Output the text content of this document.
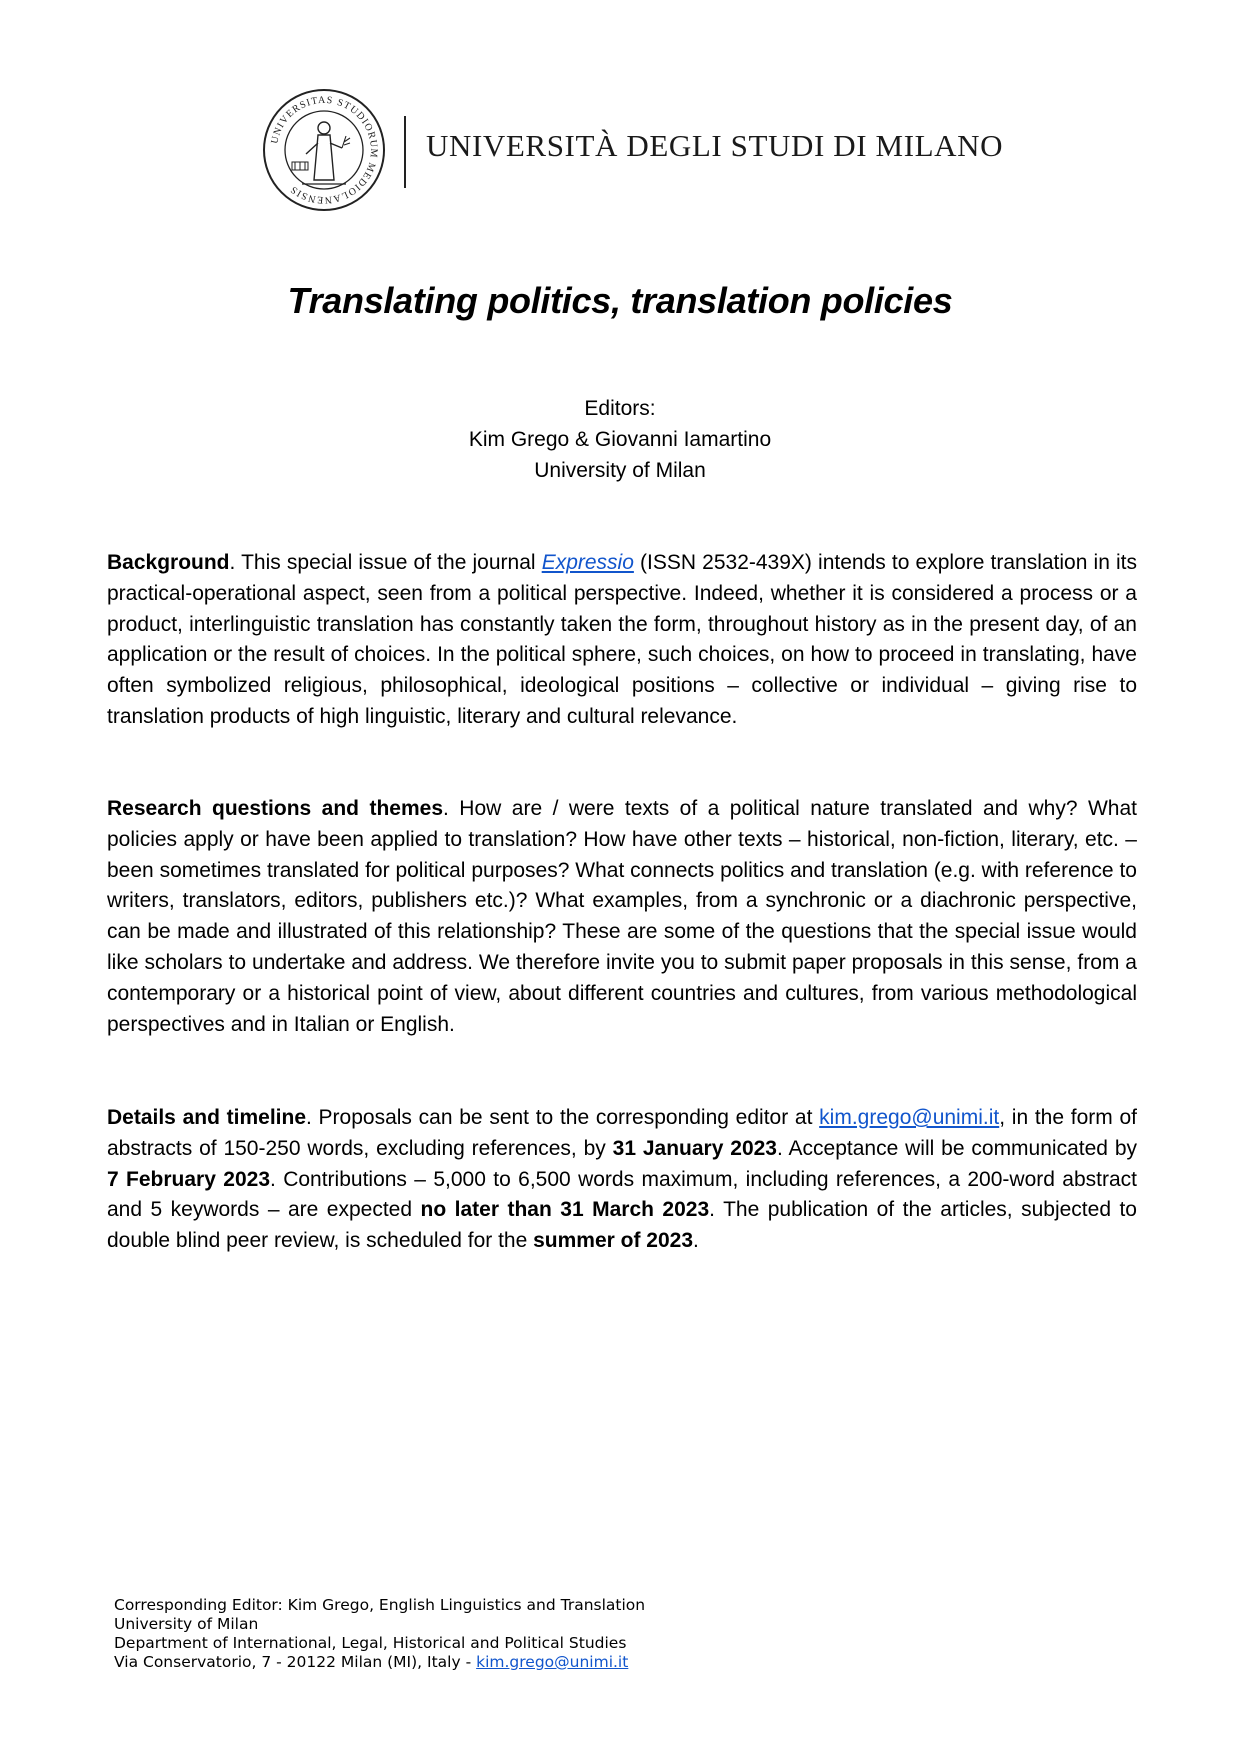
UNIVERSITAS STUDIORUM MEDIOLANENSIS
UNIVERSITÀ DEGLI STUDI DI MILANO
Translating politics, translation policies
Editors:
Kim Grego & Giovanni Iamartino
University of Milan
Background. This special issue of the journal Expressio (ISSN 2532-439X) intends to explore translation in its practical-operational aspect, seen from a political perspective. Indeed, whether it is considered a process or a product, interlinguistic translation has constantly taken the form, throughout history as in the present day, of an application or the result of choices. In the political sphere, such choices, on how to proceed in translating, have often symbolized religious, philosophical, ideological positions – collective or individual – giving rise to translation products of high linguistic, literary and cultural relevance.
Research questions and themes. How are / were texts of a political nature translated and why? What policies apply or have been applied to translation? How have other texts – historical, non-fiction, literary, etc. – been sometimes translated for political purposes? What connects politics and translation (e.g. with reference to writers, translators, editors, publishers etc.)? What examples, from a synchronic or a diachronic perspective, can be made and illustrated of this relationship? These are some of the questions that the special issue would like scholars to undertake and address. We therefore invite you to submit paper proposals in this sense, from a contemporary or a historical point of view, about different countries and cultures, from various methodological perspectives and in Italian or English.
Details and timeline. Proposals can be sent to the corresponding editor at kim.grego@unimi.it, in the form of abstracts of 150-250 words, excluding references, by 31 January 2023. Acceptance will be communicated by 7 February 2023. Contributions – 5,000 to 6,500 words maximum, including references, a 200-word abstract and 5 keywords – are expected no later than 31 March 2023. The publication of the articles, subjected to double blind peer review, is scheduled for the summer of 2023.
Corresponding Editor: Kim Grego, English Linguistics and Translation
University of Milan
Department of International, Legal, Historical and Political Studies
Via Conservatorio, 7 - 20122 Milan (MI), Italy - kim.grego@unimi.it
